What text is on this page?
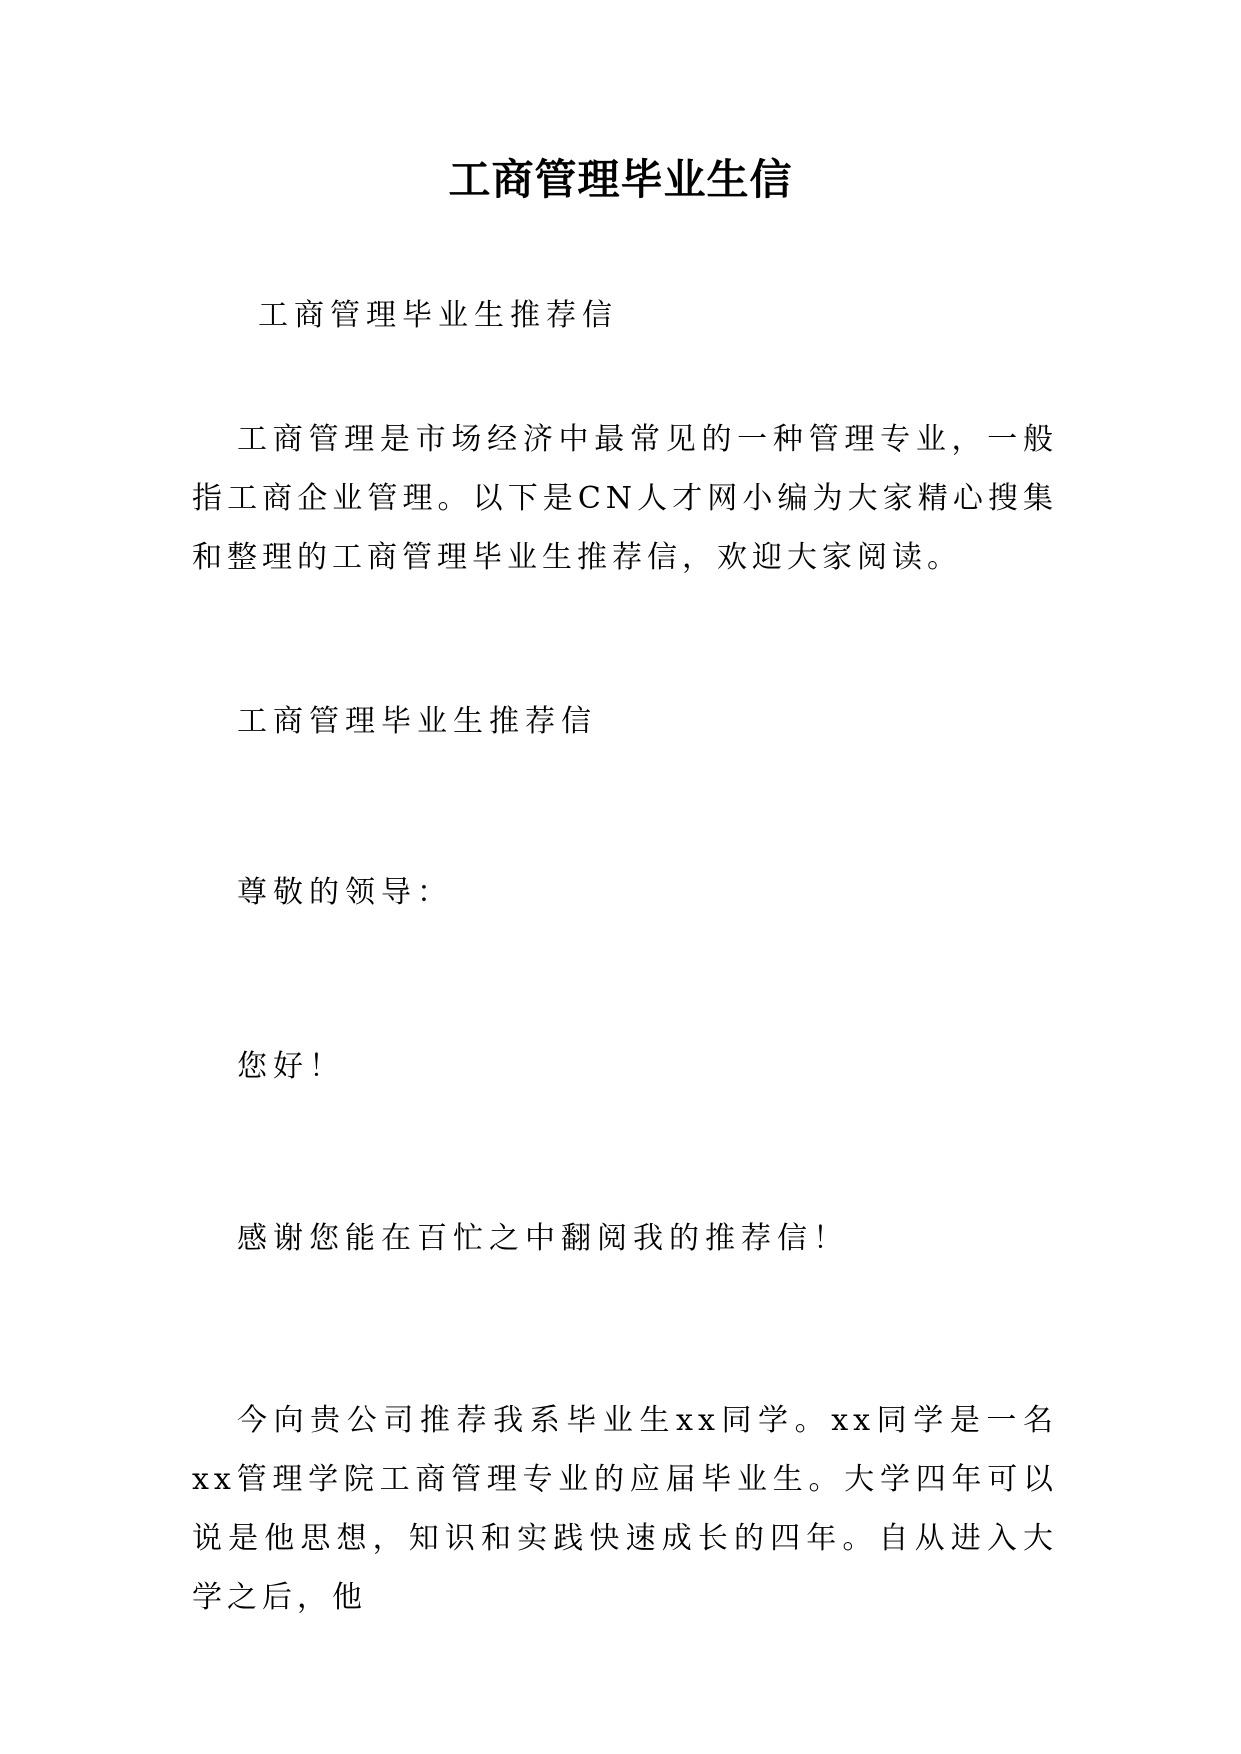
工商管理毕业生信
工商管理毕业生推荐信
工商管理是市场经济中最常见的一种管理专业，一般指工商企业管理。以下是CN人才网小编为大家精心搜集和整理的工商管理毕业生推荐信，欢迎大家阅读。
工商管理毕业生推荐信
尊敬的领导：
您好！
感谢您能在百忙之中翻阅我的推荐信！
今向贵公司推荐我系毕业生xx同学。xx同学是一名xx管理学院工商管理专业的应届毕业生。大学四年可以说是他思想，知识和实践快速成长的四年。自从进入大学之后，他
